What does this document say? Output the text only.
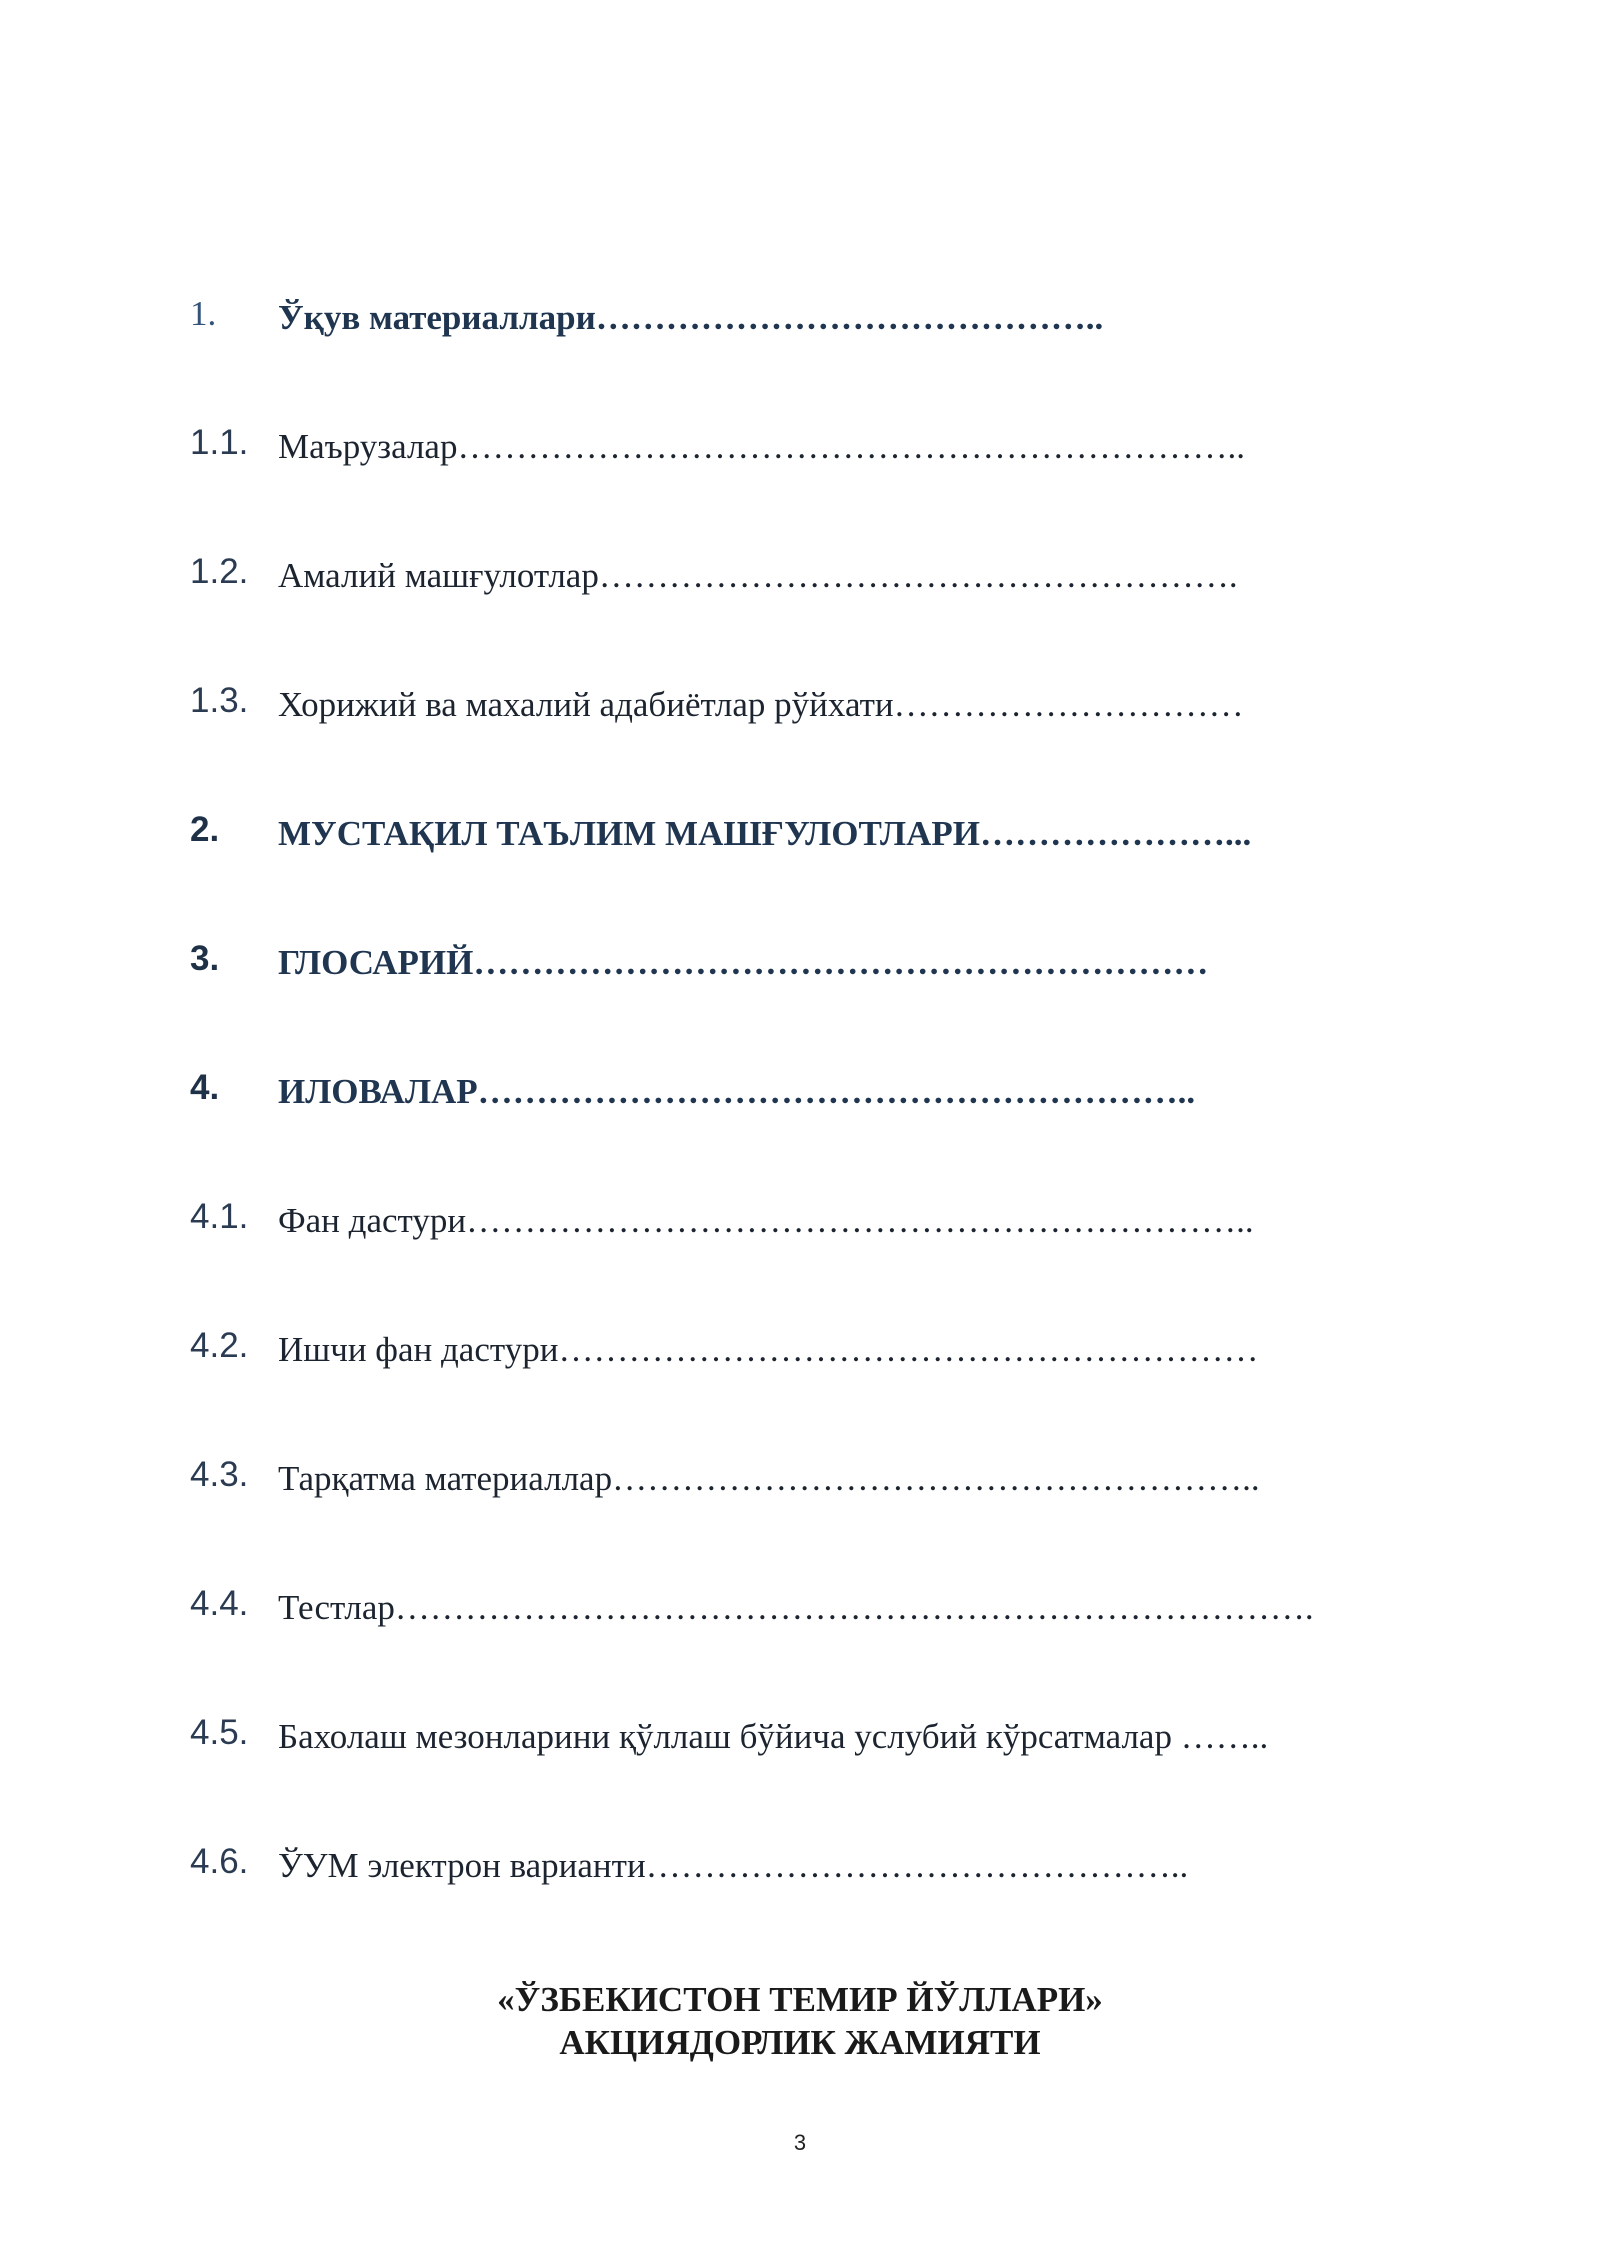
1. Ўқув материаллари……………………………………..
1.1. Маърузалар…………………………………………………………..
1.2. Амалий машғулотлар……………………………………………….
1.3. Хорижий ва махалий адабиётлар рўйхати…………………………
2. МУСТАҚИЛ ТАЪЛИМ МАШҒУЛОТЛАРИ…………………...
3. ГЛОСАРИЙ………………………………………………………
4. ИЛОВАЛАР……………………………………………………..
4.1. Фан дастури…………………………………………………………..
4.2. Ишчи фан дастури……………………………………………………
4.3. Тарқатма материаллар………………………………………………..
4.4. Тестлар…………………………………………………………………….
4.5. Бахолаш мезонларини қўллаш бўйича услубий кўрсатмалар ……..
4.6. ЎУМ электрон варианти………………………………………..
«ЎЗБЕКИСТОН ТЕМИР ЙЎЛЛАРИ»
АКЦИЯДОРЛИК ЖАМИЯТИ
3
